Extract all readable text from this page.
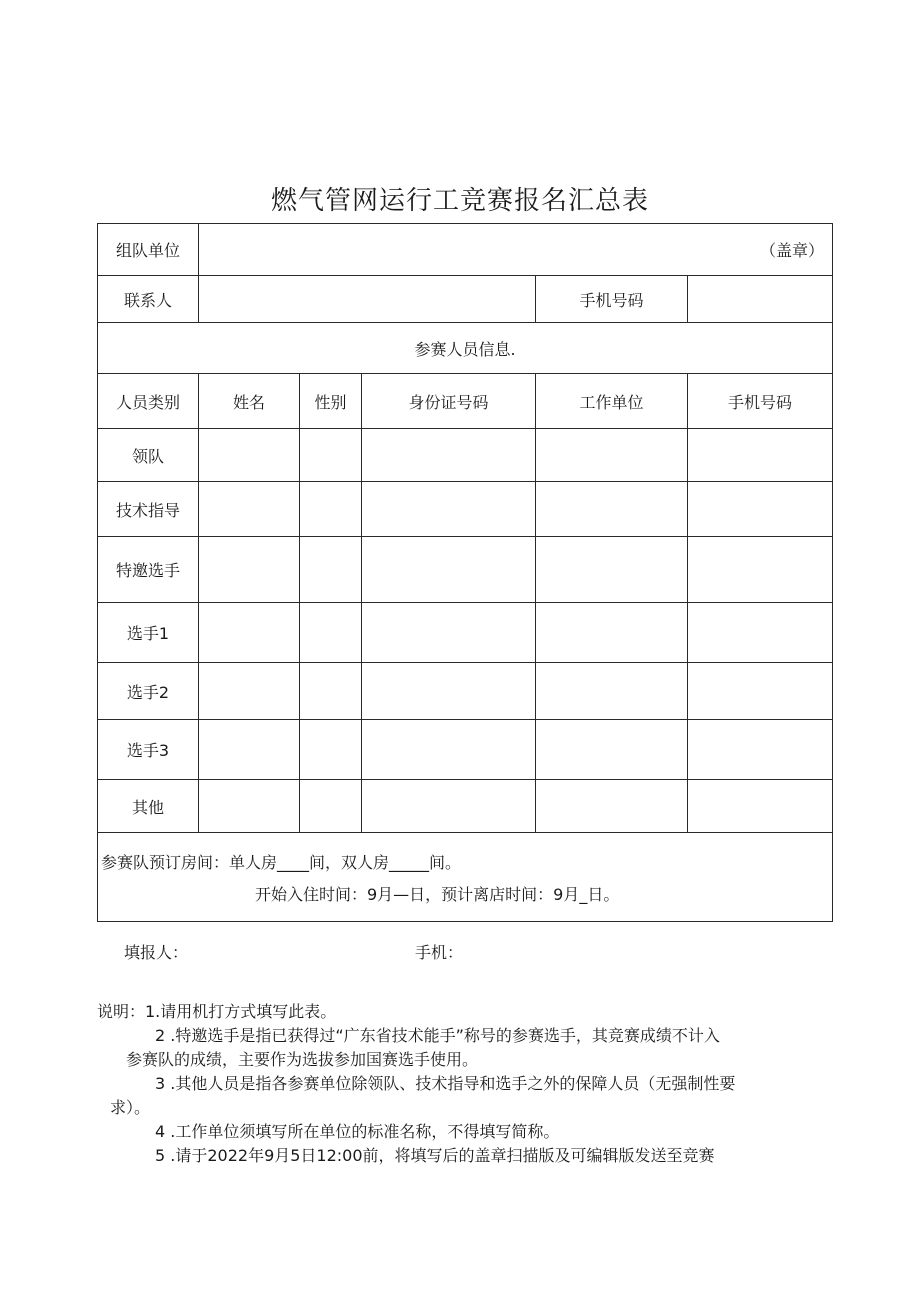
燃气管网运行工竞赛报名汇总表
组队单位	（盖章）				
联系人				手机号码	
参赛人员信息.					
人员类别	姓名	性别	身份证号码	工作单位	手机号码
领队					
技术指导					
特邀选手					
选手1					
选手2					
选手3					
其他					

参赛队预订房间：单人房____间，双人房_____间。
开始入住时间：9月—日，预计离店时间：9月_日。					
填报人：	手机：

说明：1.请用机打方式填写此表。

2 .特邀选手是指已获得过“广东省技术能手”称号的参赛选手，其竞赛成绩不计入

参赛队的成绩，主要作为选拔参加国赛选手使用。

3 .其他人员是指各参赛单位除领队、技术指导和选手之外的保障人员（无强制性要

求）。

4 .工作单位须填写所在单位的标准名称，不得填写简称。

5 .请于2022年9月5日12:00前，将填写后的盖章扫描版及可编辑版发送至竞赛
